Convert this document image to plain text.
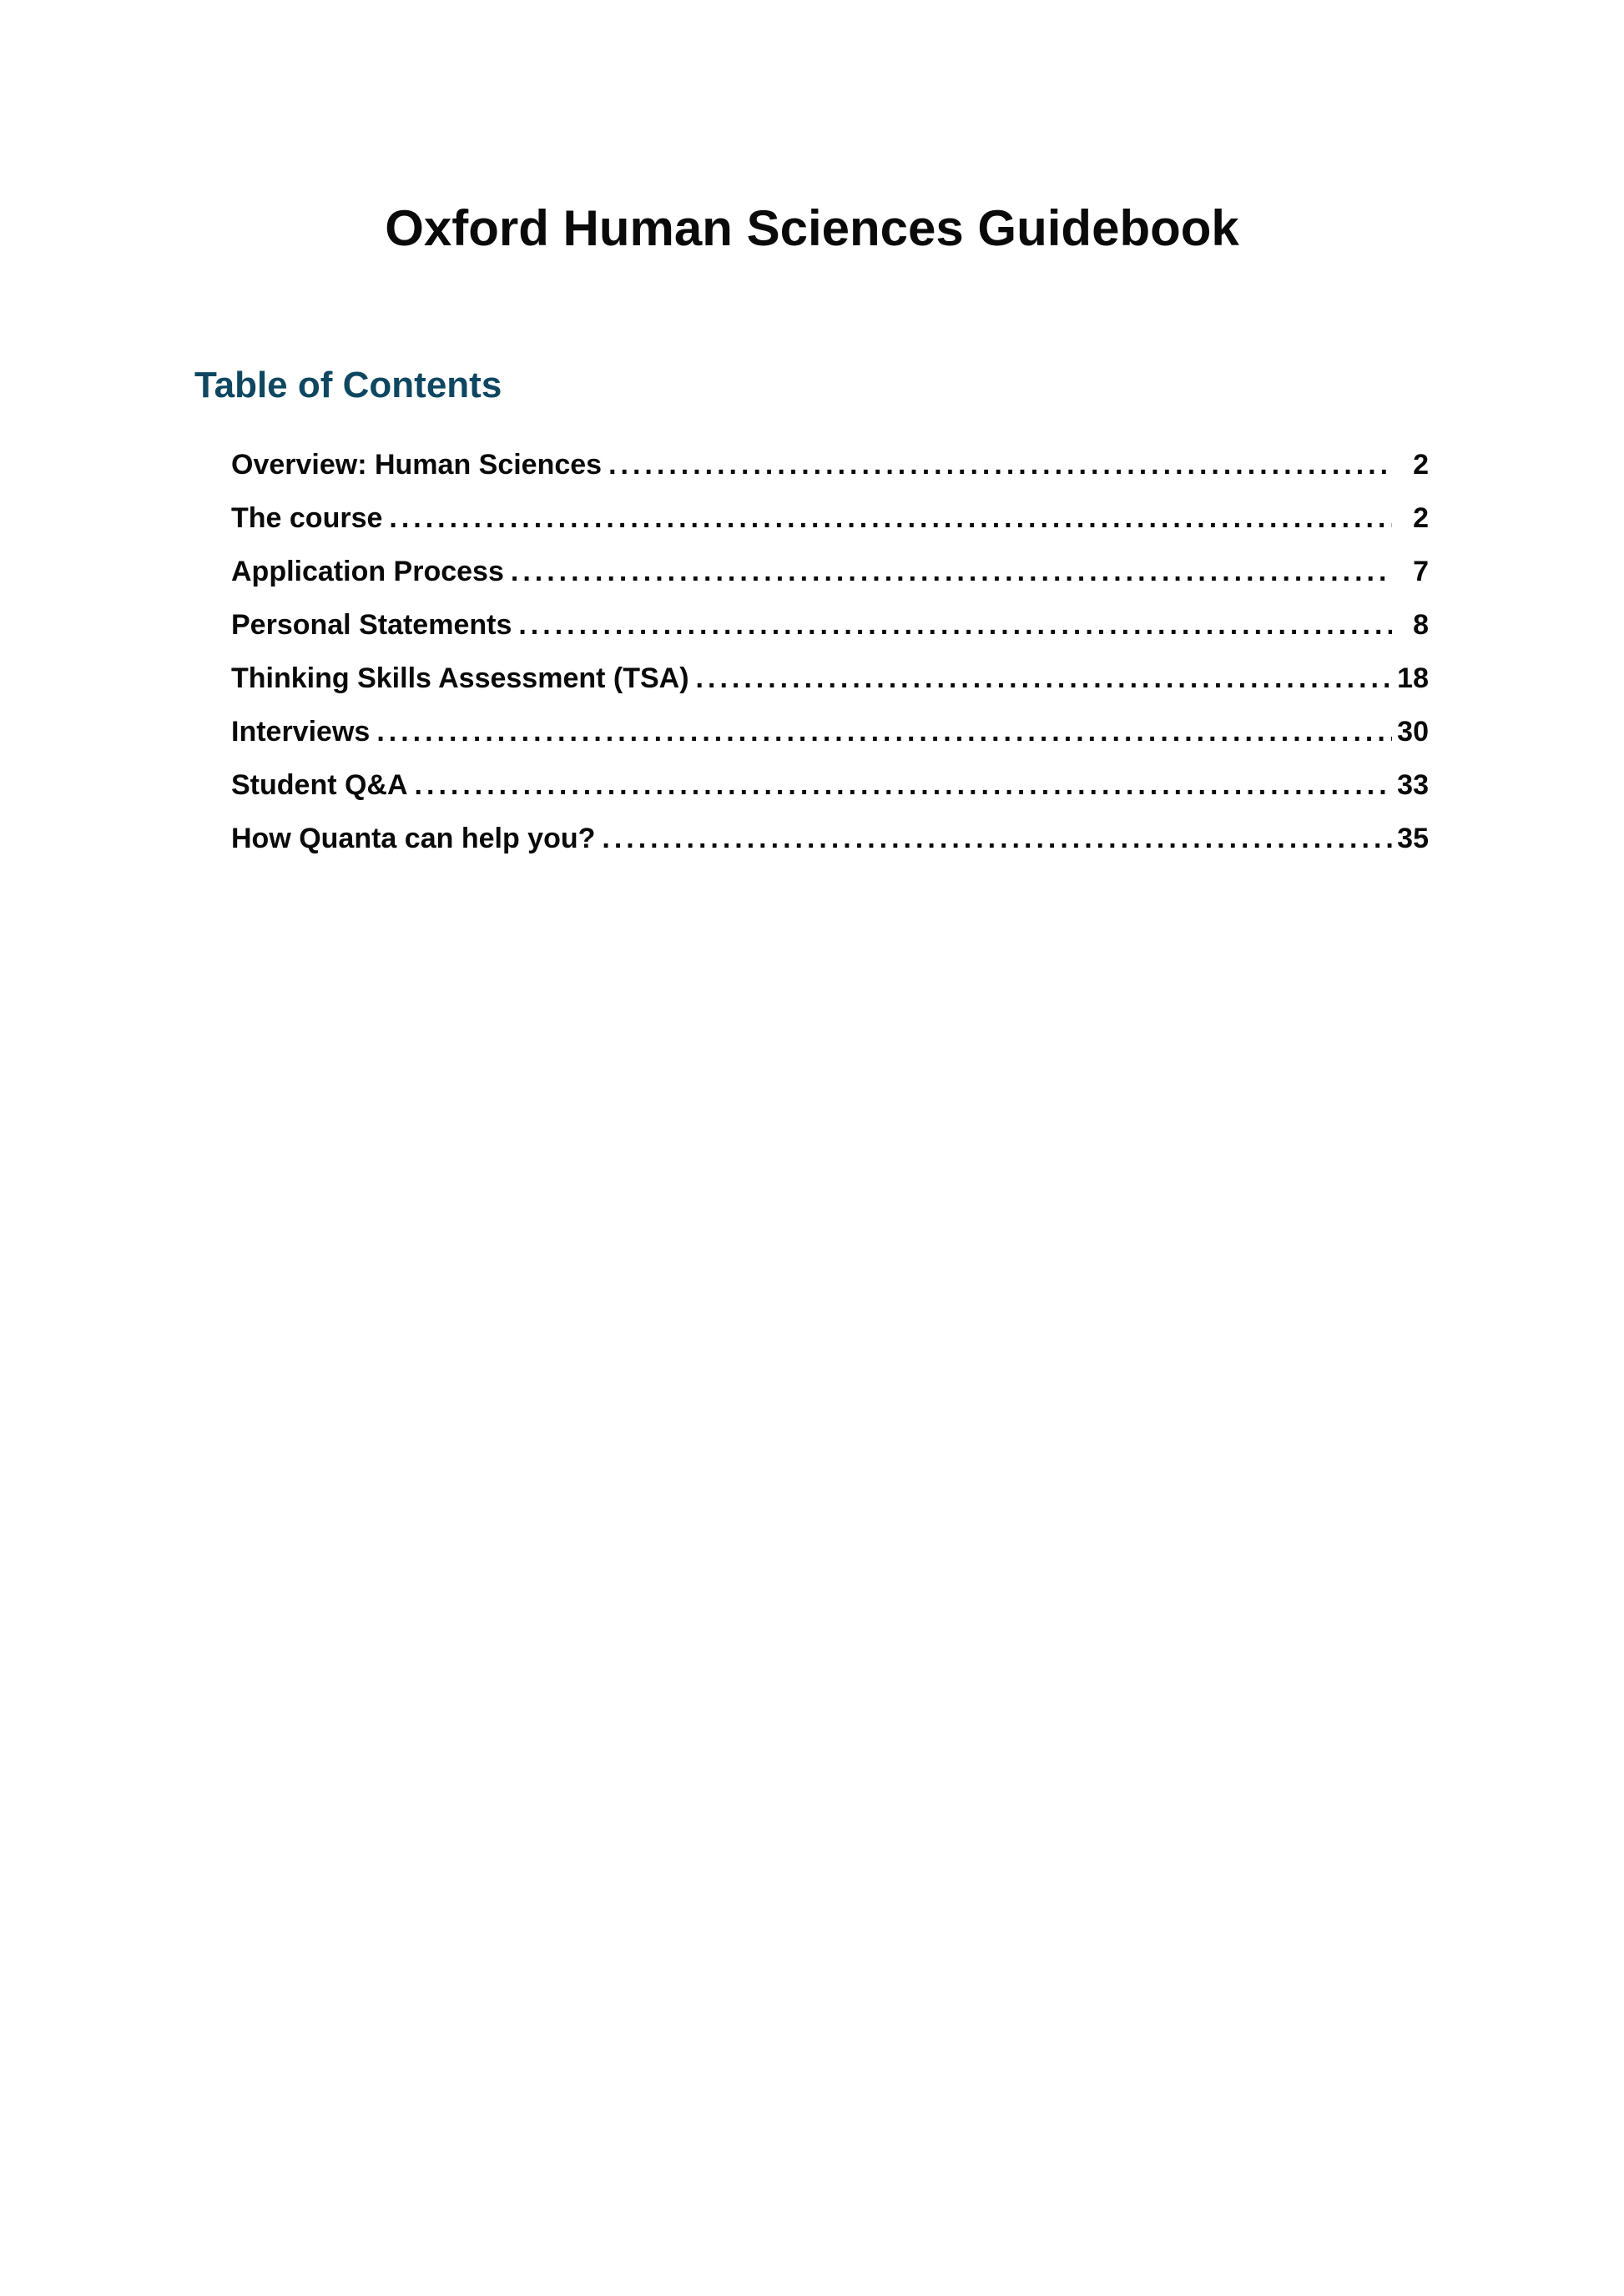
Oxford Human Sciences Guidebook
Table of Contents
Overview: Human Sciences .....	2
The course .....	2
Application Process .....	7
Personal Statements .....	8
Thinking Skills Assessment (TSA) .....	18
Interviews .....	30
Student Q&A .....	33
How Quanta can help you? .....	35
